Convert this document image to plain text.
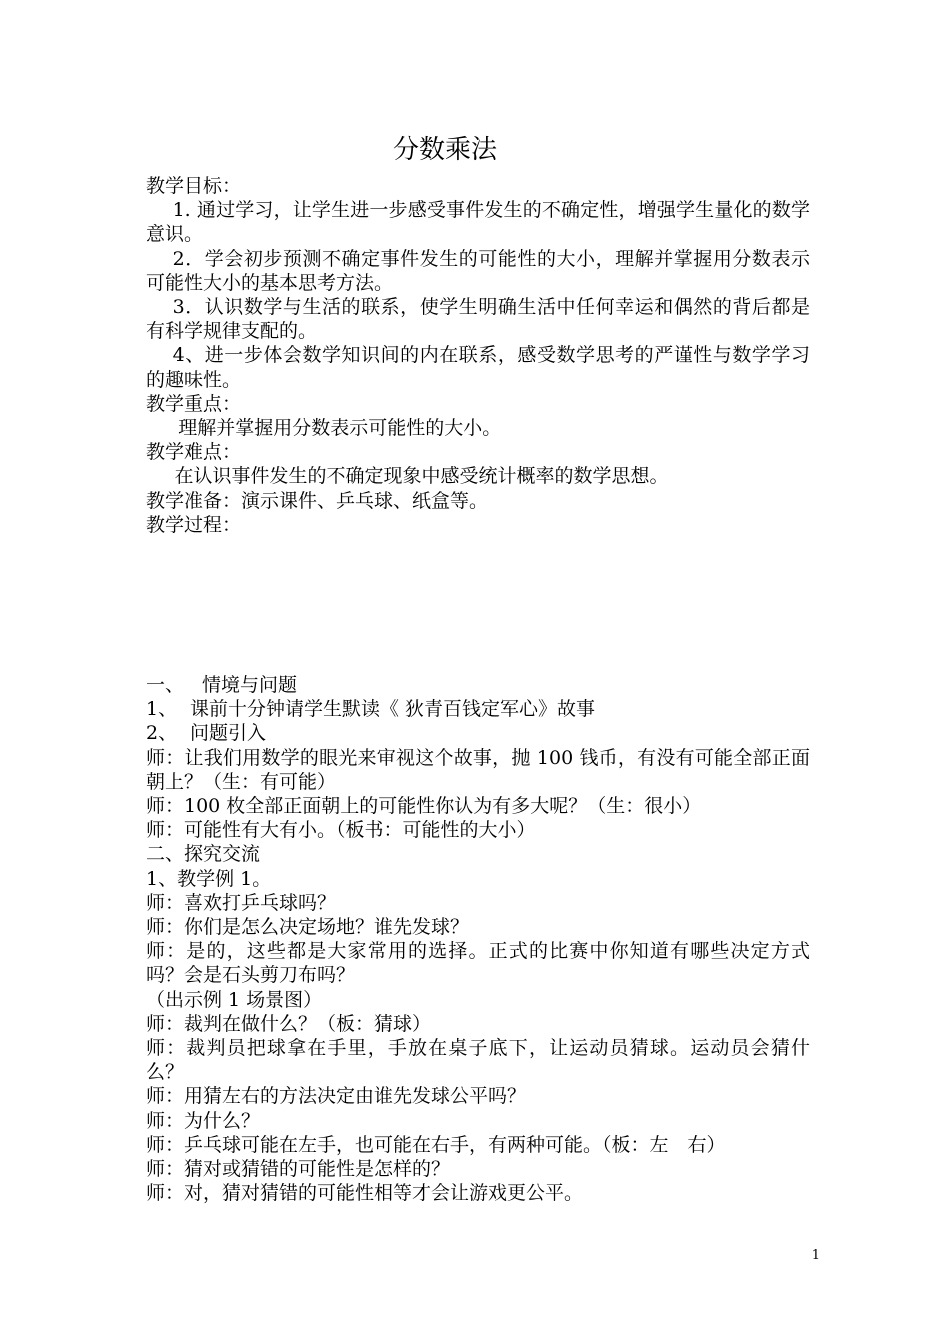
分数乘法

教学目标：

1. 通过学习，让学生进一步感受事件发生的不确定性，增强学生量化的数学意识。

2．学会初步预测不确定事件发生的可能性的大小，理解并掌握用分数表示可能性大小的基本思考方法。

3．认识数学与生活的联系，使学生明确生活中任何幸运和偶然的背后都是有科学规律支配的。

4、进一步体会数学知识间的内在联系，感受数学思考的严谨性与数学学习的趣味性。

教学重点：

理解并掌握用分数表示可能性的大小。

教学难点：

在认识事件发生的不确定现象中感受统计概率的数学思想。

教学准备：演示课件、乒乓球、纸盒等。

教学过程：

一、 情境与问题

1、 课前十分钟请学生默读《 狄青百钱定军心》故事

2、 问题引入

师：让我们用数学的眼光来审视这个故事，抛 100 钱币，有没有可能全部正面朝上？（生：有可能）

师：100 枚全部正面朝上的可能性你认为有多大呢？（生：很小）

师：可能性有大有小。（板书：可能性的大小）

二、探究交流

1、教学例 1。

师：喜欢打乒乓球吗？

师：你们是怎么决定场地？谁先发球？

师：是的，这些都是大家常用的选择。正式的比赛中你知道有哪些决定方式吗？会是石头剪刀布吗？

（出示例 1 场景图）

师：裁判在做什么？（板：猜球）

师：裁判员把球拿在手里，手放在桌子底下，让运动员猜球。运动员会猜什么？

师：用猜左右的方法决定由谁先发球公平吗？

师：为什么？

师：乒乓球可能在左手，也可能在右手，有两种可能。（板：左　右）

师：猜对或猜错的可能性是怎样的？

师：对，猜对猜错的可能性相等才会让游戏更公平。

1
